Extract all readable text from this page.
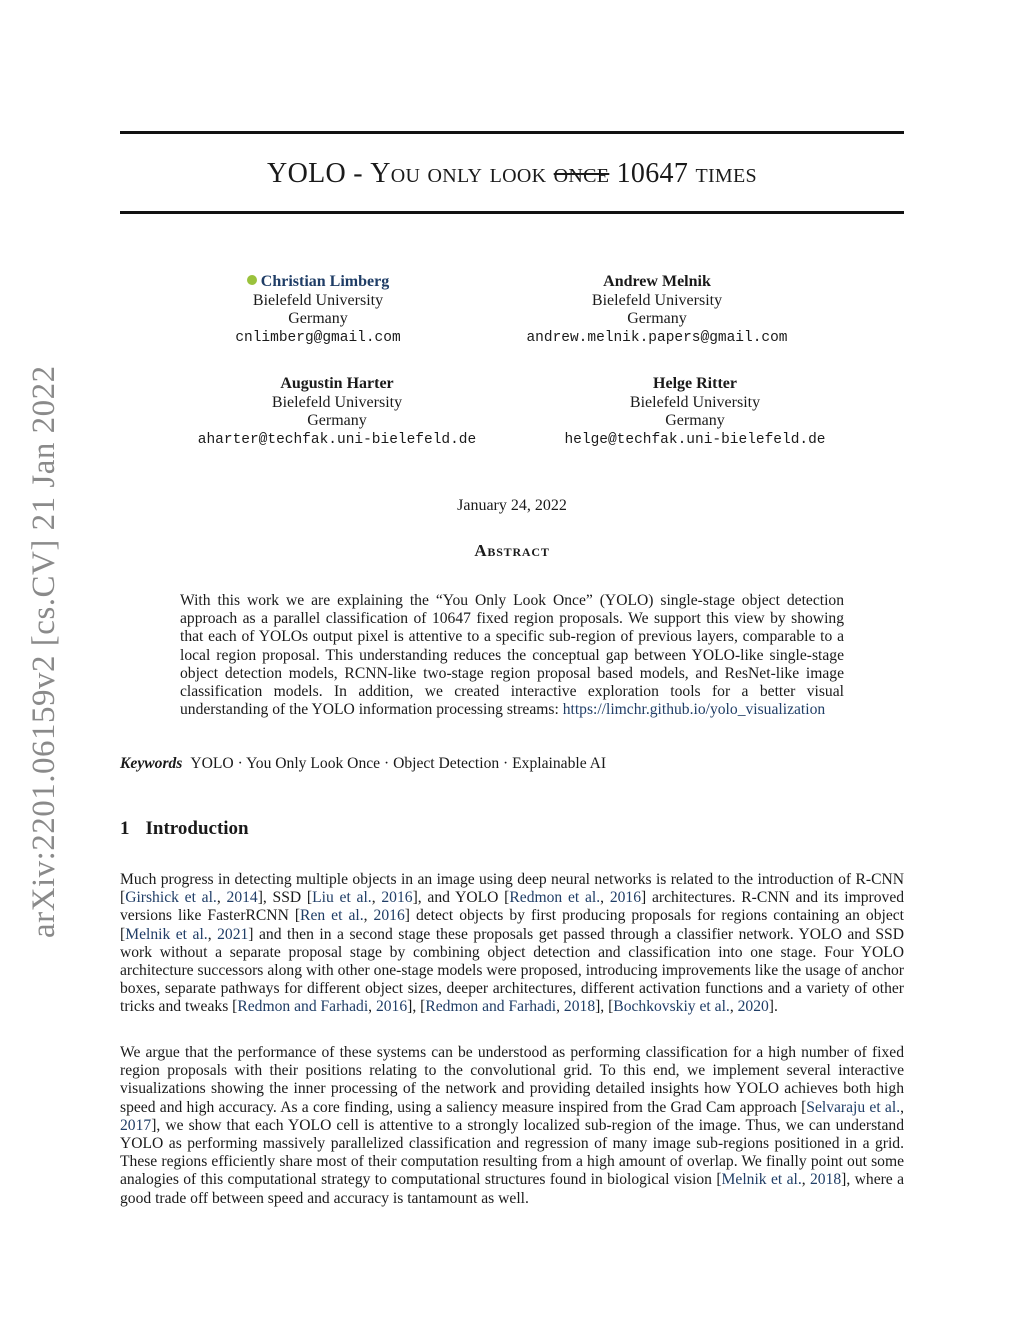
arXiv:2201.06159v2 [cs.CV] 21 Jan 2022
YOLO - You only look once 10647 times
Christian Limberg
Bielefeld University
Germany
cnlimberg@gmail.com
Andrew Melnik
Bielefeld University
Germany
andrew.melnik.papers@gmail.com
Augustin Harter
Bielefeld University
Germany
aharter@techfak.uni-bielefeld.de
Helge Ritter
Bielefeld University
Germany
helge@techfak.uni-bielefeld.de
January 24, 2022
Abstract
With this work we are explaining the “You Only Look Once” (YOLO) single-stage object detection approach as a parallel classification of 10647 fixed region proposals. We support this view by showing that each of YOLOs output pixel is attentive to a specific sub-region of previous layers, comparable to a local region proposal. This understanding reduces the conceptual gap between YOLO-like single-stage object detection models, RCNN-like two-stage region proposal based models, and ResNet-like image classification models. In addition, we created interactive exploration tools for a better visual understanding of the YOLO information processing streams: https://limchr.github.io/yolo_visualization
Keywords YOLO · You Only Look Once · Object Detection · Explainable AI
1 Introduction

Much progress in detecting multiple objects in an image using deep neural networks is related to the introduction of R-CNN [Girshick et al., 2014], SSD [Liu et al., 2016], and YOLO [Redmon et al., 2016] architectures. R-CNN and its improved versions like FasterRCNN [Ren et al., 2016] detect objects by first producing proposals for regions containing an object [Melnik et al., 2021] and then in a second stage these proposals get passed through a classifier network. YOLO and SSD work without a separate proposal stage by combining object detection and classification into one stage. Four YOLO architecture successors along with other one-stage models were proposed, introducing improvements like the usage of anchor boxes, separate pathways for different object sizes, deeper architectures, different activation functions and a variety of other tricks and tweaks [Redmon and Farhadi, 2016], [Redmon and Farhadi, 2018], [Bochkovskiy et al., 2020].

We argue that the performance of these systems can be understood as performing classification for a high number of fixed region proposals with their positions relating to the convolutional grid. To this end, we implement several interactive visualizations showing the inner processing of the network and providing detailed insights how YOLO achieves both high speed and high accuracy. As a core finding, using a saliency measure inspired from the Grad Cam approach [Selvaraju et al., 2017], we show that each YOLO cell is attentive to a strongly localized sub-region of the image. Thus, we can understand YOLO as performing massively parallelized classification and regression of many image sub-regions positioned in a grid. These regions efficiently share most of their computation resulting from a high amount of overlap. We finally point out some analogies of this computational strategy to computational structures found in biological vision [Melnik et al., 2018], where a good trade off between speed and accuracy is tantamount as well.
